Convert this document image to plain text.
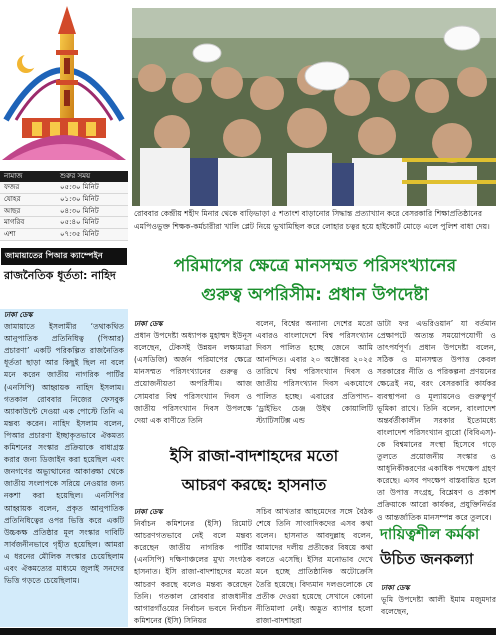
নামাজ	শুরুর সময়
ফজর	০৫:৩০ মিনিট
যোহর	০১:৩০ মিনিট
আছর	০৪:৩০ মিনিট
মাগরিব	০৫:৪০ মিনিট
এশা	০৭:৩৫ মিনিট
রোববার কেন্দ্রীয় শহীদ মিনার থেকে বাড়িভাড়া ৫ শতাংশ বাড়ানোর সিদ্ধান্ত প্রত্যাখ্যান করে বেসরকারি শিক্ষাপ্রতিষ্ঠানের এমপিওভুক্ত শিক্ষক-কর্মচারীরা খালি প্লেট নিয়ে ভুখামিছিল করে লোহার চত্বর হয়ে হাইকোর্ট মোড়ে এলে পুলিশ বাধা দেয়।
জামায়াতের পিআর ক্যাম্পেইন
রাজনৈতিক ধূর্ততা: নাহিদ
ঢাকা ডেস্ক
জামায়াতে ইসলামীর ‘তথাকথিত আনুপাতিক প্রতিনিধিত্ব (পিআর) প্রচারণা’ একটি পরিকল্পিত রাজনৈতিক ধূর্ততা ছাড়া আর কিছুই ছিল না বলে মনে করেন জাতীয় নাগরিক পার্টির (এনসিপি) আহ্বায়ক নাহিদ ইসলাম। গতকাল রোববার নিজের ফেসবুক অ্যাকাউন্টে দেওয়া এক পোস্টে তিনি এ মন্তব্য করেন। নাহিদ ইসলাম বলেন, পিআর প্রচারণা ইচ্ছাকৃতভাবে ঐকমত্য কমিশনের সংস্কার প্রক্রিয়াকে বাধাগ্রস্ত করার জন্য ডিজাইন করা হয়েছিল এবং জনগণের অভ্যুত্থানের আকাঙ্ক্ষা থেকে জাতীয় সংলাপকে সরিয়ে নেওয়ার জন্য নকশা করা হয়েছিল। এনসিপির আহ্বায়ক বলেন, প্রকৃত আনুপাতিক প্রতিনিধিত্বের ওপর ভিত্তি করে একটি উচ্চকক্ষ প্রতিষ্ঠার মূল সংস্কার দাবিটি সার্বজনীনভাবে গৃহীত হয়েছিল। আমরা এ ধরনের মৌলিক সংস্কার চেয়েছিলাম এবং ঐকমত্যের মাধ্যমে জুলাই সনদের ভিত্তি গড়তে চেয়েছিলাম।
পরিমাপের ক্ষেত্রে মানসম্মত পরিসংখ্যানের
গুরুত্ব অপরিসীম: প্রধান উপদেষ্টা
ঢাকা ডেস্ক
প্রধান উপদেষ্টা অধ্যাপক মুহাম্মদ ইউনূস বলেছেন, টেকসই উন্নয়ন লক্ষ্যমাত্রা (এসডিজি) অর্জন পরিমাপের ক্ষেত্রে মানসম্মত পরিসংখ্যানের গুরুত্ব ও প্রয়োজনীয়তা অপরিসীম। আজ সোমবার বিশ্ব পরিসংখ্যান দিবস ও জাতীয় পরিসংখ্যান দিবস উপলক্ষে দেয়া এক বাণীতে তিনি
বলেন, বিশ্বের অন্যান্য দেশের মতো এবারও বাংলাদেশে বিশ্ব পরিসংখ্যান দিবস পালিত হচ্ছে জেনে আমি আনন্দিত। এবার ২০ অক্টোবর ২০২৫ তারিখে বিশ্ব পরিসংখ্যান দিবস ও জাতীয় পরিসংখ্যান দিবস একযোগে পালিত হচ্ছে। এবারের প্রতিপাদ্য– ‘ড্রাইভিং চেঞ্জ উইথ কোয়ালিটি স্ট্যাটিসটিক্স এন্ড
ডাটা ফর এভরিওয়ান’ যা বর্তমান প্রেক্ষাপটে অত্যন্ত সময়োপযোগী ও তাৎপর্যপূর্ণ। প্রধান উপদেষ্টা বলেন, সঠিক ও মানসম্মত উপাত্ত কেবল সরকারের নীতি ও পরিকল্পনা প্রণয়নের ক্ষেত্রেই নয়, বরং বেসরকারি কার্যকর ব্যবস্থাপনা ও মূল্যায়নেও গুরুত্বপূর্ণ ভূমিকা রাখে। তিনি বলেন, বাংলাদেশ অন্তর্বর্তীকালীন সরকার ইতোমধ্যে বাংলাদেশ পরিসংখ্যান ব্যুরো (বিবিএস)-কে বিশ্বমানের সংস্থা হিসেবে গড়ে তুলতে প্রয়োজনীয় সংস্কার ও আধুনিকীকরণের একাধিক পদক্ষেপ গ্রহণ করেছে। এসব পদক্ষেপ বাস্তবায়িত হলে তা উপাত্ত সংগ্রহ, বিশ্লেষণ ও প্রকাশ প্রক্রিয়াকে আরো কার্যকর, প্রযুক্তিনির্ভর ও আন্তর্জাতিক মানসম্পন্ন করে তুলবে।
ইসি রাজা-বাদশাহদের মতো
আচরণ করছে: হাসনাত
ঢাকা ডেস্ক
নির্বাচন কমিশনের (ইসি) রিমোট আচরণগতভাবে নেই বলে মন্তব্য করেছেন জাতীয় নাগরিক পার্টির (এনসিপি) দক্ষিণাঞ্চলের মুখ্য সংগঠক হাসনাত। ইসি রাজা-বাদশাহদের মতো আচরণ করছে বলেও মন্তব্য করেছেন তিনি। গতকাল রোববার রাজধানীর আগারগাঁওয়ের নির্বাচন ভবনে নির্বাচন কমিশনের (ইসি) সিনিয়র
সচিব আখতার আহমেদের সঙ্গে বৈঠক শেষে তিনি সাংবাদিকদের এসব কথা বলেন। হাসনাত আবদুল্লাহ বলেন, আমাদের দলীয় প্রতীকের বিষয়ে কথা বলতে এসেছি। ইসির মনোভাব দেখে মনে হচ্ছে প্রাতিষ্ঠানিক অটোক্রেসি তৈরি হয়েছে। বিদ্যমান দলগুলোকে যে প্রতীক দেওয়া হয়েছে সেখানে কোনো নীতিমালা নেই। অদ্ভুত ব্যাপার হলো রাজা-বাদশাহরা
দায়িত্বশীল কর্মকা
উচিত জনকল্যা
ঢাকা ডেস্ক
ভূমি উপদেষ্টা আলী ইমাম মজুমদার বলেছেন,
